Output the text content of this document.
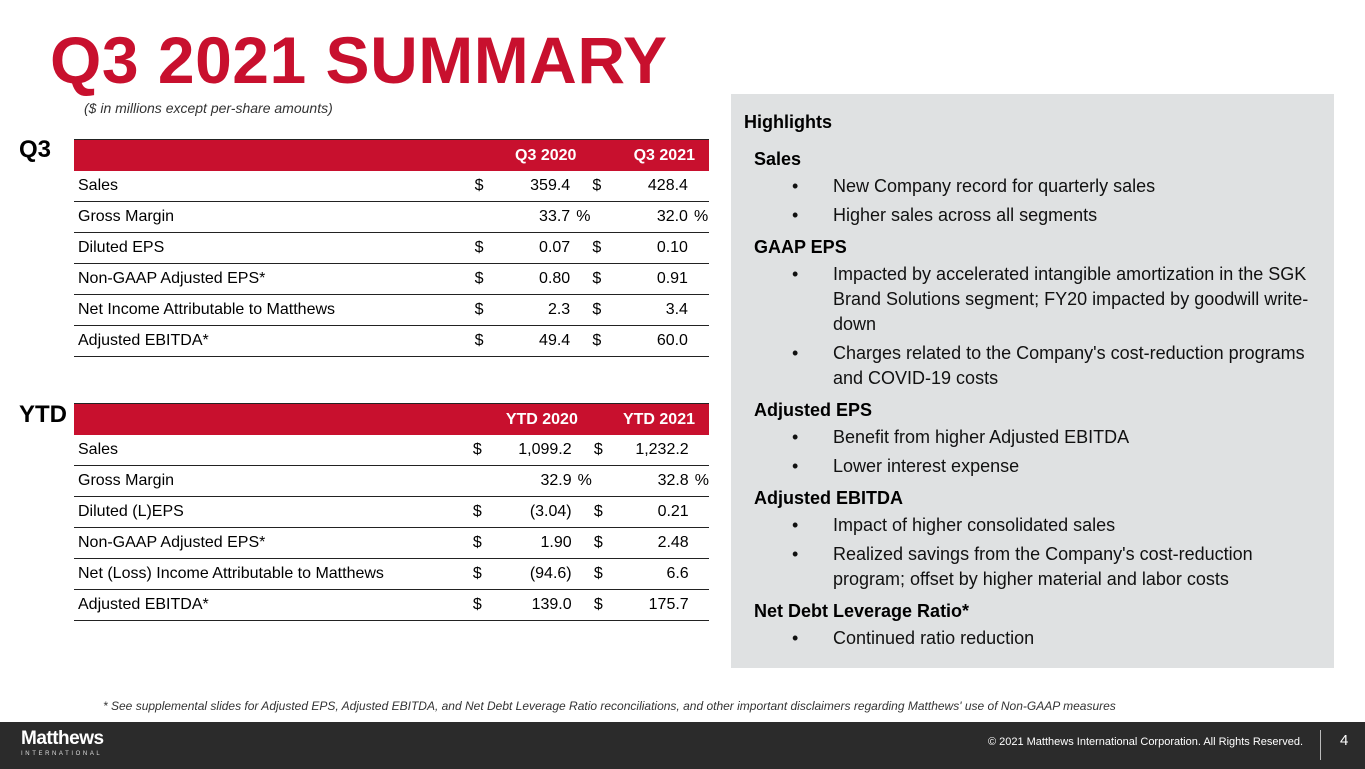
Q3 2021 SUMMARY
($ in millions except per-share amounts)
Q3
		Q3 2020			Q3 2021		
Sales	$	359.4		$	428.4	
Gross Margin		33.7	%		32.0	%
Diluted EPS	$	0.07		$	0.10	
Non-GAAP Adjusted EPS*	$	0.80		$	0.91	
Net Income Attributable to Matthews	$	2.3		$	3.4	
Adjusted EBITDA*	$	49.4		$	60.0	
YTD
		YTD 2020			YTD 2021		
Sales	$	1,099.2		$	1,232.2	
Gross Margin		32.9	%		32.8	%
Diluted (L)EPS	$	(3.04)		$	0.21	
Non-GAAP Adjusted EPS*	$	1.90		$	2.48	
Net (Loss) Income Attributable to Matthews	$	(94.6)		$	6.6	
Adjusted EBITDA*	$	139.0		$	175.7	
Highlights
Sales
• New Company record for quarterly sales
• Higher sales across all segments
GAAP EPS
• Impacted by accelerated intangible amortization in the SGK Brand Solutions segment; FY20 impacted by goodwill write-down
• Charges related to the Company's cost-reduction programs and COVID-19 costs
Adjusted EPS
• Benefit from higher Adjusted EBITDA
• Lower interest expense
Adjusted EBITDA
• Impact of higher consolidated sales
• Realized savings from the Company's cost-reduction program; offset by higher material and labor costs
Net Debt Leverage Ratio*
• Continued ratio reduction
* See supplemental slides for Adjusted EPS, Adjusted EBITDA, and Net Debt Leverage Ratio reconciliations, and other important disclaimers regarding Matthews' use of Non-GAAP measures
Matthews
INTERNATIONAL
© 2021 Matthews International Corporation. All Rights Reserved. 4
